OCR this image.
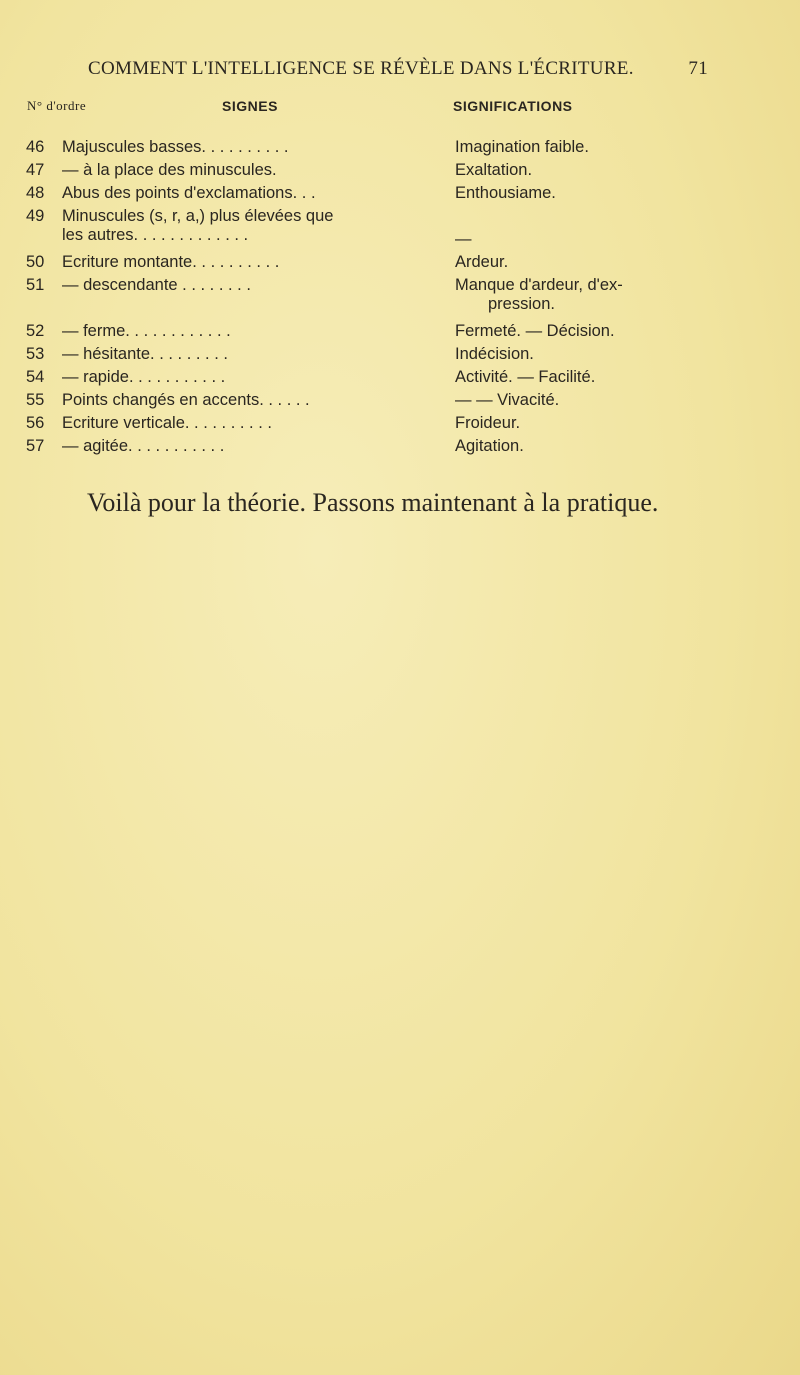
COMMENT L'INTELLIGENCE SE RÉVÈLE DANS L'ÉCRITURE.	71
N° d'ordre	SIGNES	SIGNIFICATIONS
46	Majuscules basses. . . . . . . . . .	Imagination faible.
47	— à la place des minuscules.	Exaltation.
48	Abus des points d'exclamations. . .	Enthousiame.
49	Minuscules (s, r, a,) plus élevées que
les autres. . . . . . . . . . . . .	—
50	Ecriture montante. . . . . . . . . .	Ardeur.
51	— descendante . . . . . . . .	Manque d'ardeur, d'ex-
pression.
52	— ferme. . . . . . . . . . . .	Fermeté. — Décision.
53	— hésitante. . . . . . . . .	Indécision.
54	— rapide. . . . . . . . . . .	Activité. — Facilité.
55	Points changés en accents. . . . . .	— — Vivacité.
56	Ecriture verticale. . . . . . . . . .	Froideur.
57	— agitée. . . . . . . . . . .	Agitation.
Voilà pour la théorie. Passons maintenant à la pratique.
